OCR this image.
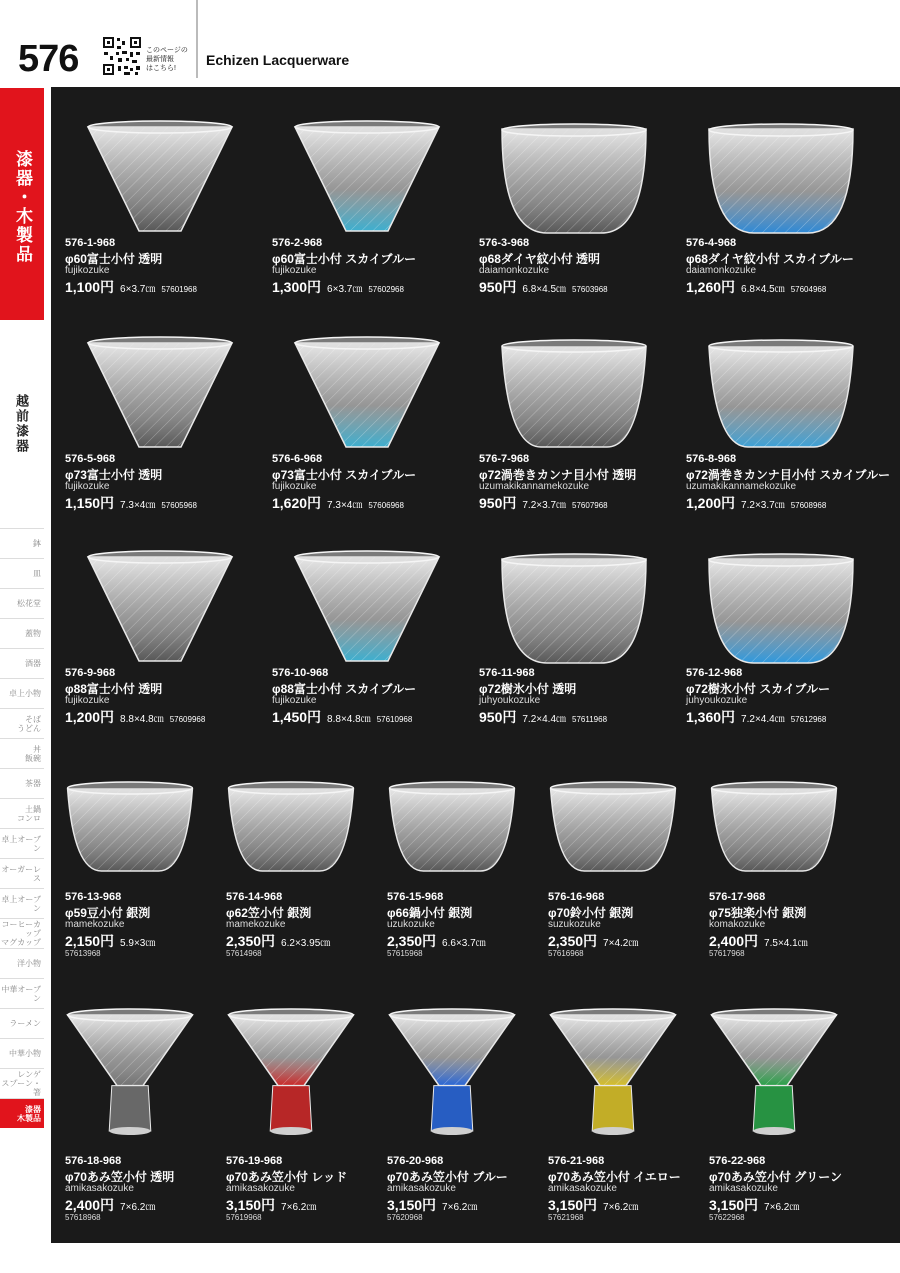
576	このページの
最新情報
はこちら!
Echizen Lacquerware
漆器・木製品
越前漆器
鉢
皿
松花堂
蓋物
酒器
卓上小物
そば
うどん
丼
飯碗
茶器
土鍋
コンロ
卓上オーブン
オーガーレス
卓上オーブン
コーヒーカップ
マグカップ
洋小物
中華オーブン
ラーメン
中華小物
レンゲ
スプーン・箸
漆器
木製品
576-1-968
φ60富士小付 透明
fujikozuke
1,100円 6×3.7㎝ 57601968
576-2-968
φ60富士小付 スカイブルー
fujikozuke
1,300円 6×3.7㎝ 57602968
576-3-968
φ68ダイヤ紋小付 透明
daiamonkozuke
950円 6.8×4.5㎝ 57603968
576-4-968
φ68ダイヤ紋小付 スカイブルー
daiamonkozuke
1,260円 6.8×4.5㎝ 57604968
576-5-968
φ73富士小付 透明
fujikozuke
1,150円 7.3×4㎝ 57605968
576-6-968
φ73富士小付 スカイブルー
fujikozuke
1,620円 7.3×4㎝ 57606968
576-7-968
φ72渦巻きカンナ目小付 透明
uzumakikannamekozuke
950円 7.2×3.7㎝ 57607968
576-8-968
φ72渦巻きカンナ目小付 スカイブルー
uzumakikannamekozuke
1,200円 7.2×3.7㎝ 57608968
576-9-968
φ88富士小付 透明
fujikozuke
1,200円 8.8×4.8㎝ 57609968
576-10-968
φ88富士小付 スカイブルー
fujikozuke
1,450円 8.8×4.8㎝ 57610968
576-11-968
φ72樹氷小付 透明
juhyoukozuke
950円 7.2×4.4㎝ 57611968
576-12-968
φ72樹氷小付 スカイブルー
juhyoukozuke
1,360円 7.2×4.4㎝ 57612968
576-13-968
φ59豆小付 銀渕
mamekozuke
2,150円 5.9×3㎝
57613968
576-14-968
φ62笠小付 銀渕
mamekozuke
2,350円 6.2×3.95㎝
57614968
576-15-968
φ66鍋小付 銀渕
uzukozuke
2,350円 6.6×3.7㎝
57615968
576-16-968
φ70鈴小付 銀渕
suzukozuke
2,350円 7×4.2㎝
57616968
576-17-968
φ75独楽小付 銀渕
komakozuke
2,400円 7.5×4.1㎝
57617968
576-18-968
φ70あみ笠小付 透明
amikasakozuke
2,400円 7×6.2㎝
57618968
576-19-968
φ70あみ笠小付 レッド
amikasakozuke
3,150円 7×6.2㎝
57619968
576-20-968
φ70あみ笠小付 ブルー
amikasakozuke
3,150円 7×6.2㎝
57620968
576-21-968
φ70あみ笠小付 イエロー
amikasakozuke
3,150円 7×6.2㎝
57621968
576-22-968
φ70あみ笠小付 グリーン
amikasakozuke
3,150円 7×6.2㎝
57622968
